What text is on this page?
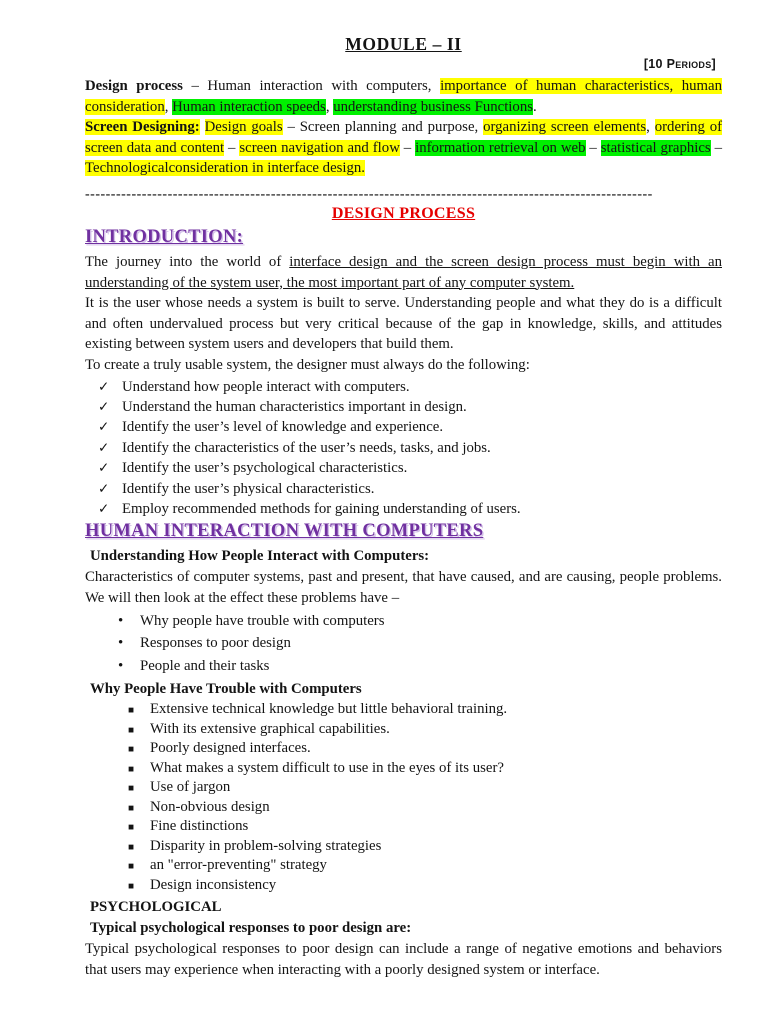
MODULE – II
[10 Periods]

Design process – Human interaction with computers, importance of human characteristics, human consideration, Human interaction speeds, understanding business Functions.

Screen Designing: Design goals – Screen planning and purpose, organizing screen elements, ordering of screen data and content – screen navigation and flow – information retrieval on web – statistical graphics – Technologicalconsideration in interface design.

--------------------------------------------------------------------------------------------------------------
DESIGN PROCESS
INTRODUCTION:

The journey into the world of interface design and the screen design process must begin with an understanding of the system user, the most important part of any computer system.

It is the user whose needs a system is built to serve. Understanding people and what they do is a difficult and often undervalued process but very critical because of the gap in knowledge, skills, and attitudes existing between system users and developers that build them.

To create a truly usable system, the designer must always do the following:

✓ Understand how people interact with computers.
✓ Understand the human characteristics important in design.
✓ Identify the user’s level of knowledge and experience.
✓ Identify the characteristics of the user’s needs, tasks, and jobs.
✓ Identify the user’s psychological characteristics.
✓ Identify the user’s physical characteristics.
✓ Employ recommended methods for gaining understanding of users.
HUMAN INTERACTION WITH COMPUTERS

Understanding How People Interact with Computers:

Characteristics of computer systems, past and present, that have caused, and are causing, people problems. We will then look at the effect these problems have –

• Why people have trouble with computers
• Responses to poor design
• People and their tasks

Why People Have Trouble with Computers

■ Extensive technical knowledge but little behavioral training.
■ With its extensive graphical capabilities.
■ Poorly designed interfaces.
■ What makes a system difficult to use in the eyes of its user?
■ Use of jargon
■ Non-obvious design
■ Fine distinctions
■ Disparity in problem-solving strategies
■ an "error-preventing" strategy
■ Design inconsistency

PSYCHOLOGICAL

Typical psychological responses to poor design are:

Typical psychological responses to poor design can include a range of negative emotions and behaviors that users may experience when interacting with a poorly designed system or interface.
